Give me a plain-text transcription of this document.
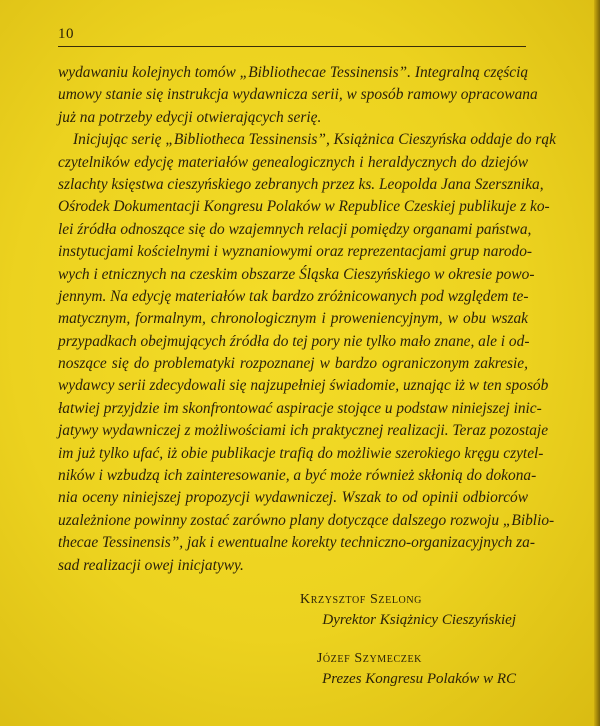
10
wydawaniu kolejnych tomów „Bibliothecae Tessinensis”. Integralną częścią
umowy stanie się instrukcja wydawnicza serii, w sposób ramowy opracowana
już na potrzeby edycji otwierających serię.
Inicjując serię „Bibliotheca Tessinensis”, Książnica Cieszyńska oddaje do rąk
czytelników edycję materiałów genealogicznych i heraldycznych do dziejów
szlachty księstwa cieszyńskiego zebranych przez ks. Leopolda Jana Szersznika,
Ośrodek Dokumentacji Kongresu Polaków w Republice Czeskiej publikuje z ko-
lei źródła odnoszące się do wzajemnych relacji pomiędzy organami państwa,
instytucjami kościelnymi i wyznaniowymi oraz reprezentacjami grup narodo-
wych i etnicznych na czeskim obszarze Śląska Cieszyńskiego w okresie powo-
jennym. Na edycję materiałów tak bardzo zróżnicowanych pod względem te-
matycznym, formalnym, chronologicznym i proweniencyjnym, w obu wszak
przypadkach obejmujących źródła do tej pory nie tylko mało znane, ale i od-
noszące się do problematyki rozpoznanej w bardzo ograniczonym zakresie,
wydawcy serii zdecydowali się najzupełniej świadomie, uznając iż w ten sposób
łatwiej przyjdzie im skonfrontować aspiracje stojące u podstaw niniejszej inic-
jatywy wydawniczej z możliwościami ich praktycznej realizacji. Teraz pozostaje
im już tylko ufać, iż obie publikacje trafią do możliwie szerokiego kręgu czytel-
ników i wzbudzą ich zainteresowanie, a być może również skłonią do dokona-
nia oceny niniejszej propozycji wydawniczej. Wszak to od opinii odbiorców
uzależnione powinny zostać zarówno plany dotyczące dalszego rozwoju „Biblio-
thecae Tessinensis”, jak i ewentualne korekty techniczno-organizacyjnych za-
sad realizacji owej inicjatywy.
Krzysztof Szelong
Dyrektor Książnicy Cieszyńskiej
Józef Szymeczek
Prezes Kongresu Polaków w RC
